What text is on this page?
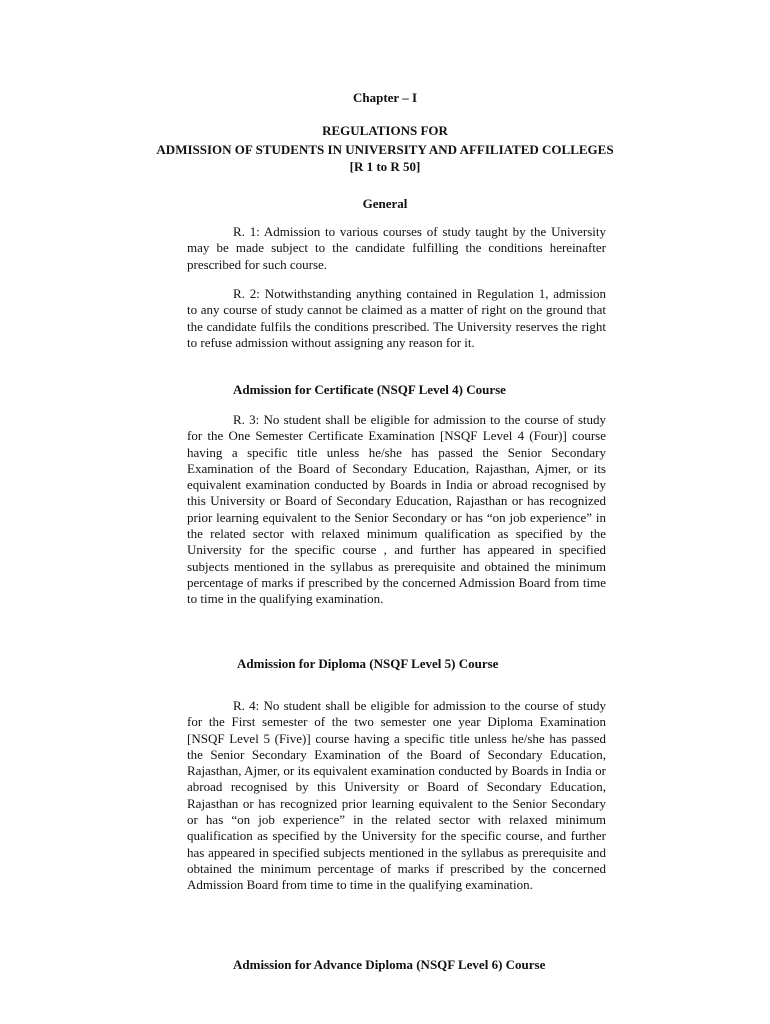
Chapter – I
REGULATIONS FOR
ADMISSION OF STUDENTS IN UNIVERSITY AND AFFILIATED COLLEGES
[R 1 to R 50]
General

R. 1: Admission to various courses of study taught by the University may be made subject to the candidate fulfilling the conditions hereinafter prescribed for such course.

R. 2: Notwithstanding anything contained in Regulation 1, admission to any course of study cannot be claimed as a matter of right on the ground that the candidate fulfils the conditions prescribed. The University reserves the right to refuse admission without assigning any reason for it.

Admission for Certificate (NSQF Level 4) Course

R. 3: No student shall be eligible for admission to the course of study for the One Semester Certificate Examination [NSQF Level 4 (Four)] course having a specific title unless he/she has passed the Senior Secondary Examination of the Board of Secondary Education, Rajasthan, Ajmer, or its equivalent examination conducted by Boards in India or abroad recognised by this University or Board of Secondary Education, Rajasthan or has recognized prior learning equivalent to the Senior Secondary or has “on job experience” in the related sector with relaxed minimum qualification as specified by the University for the specific course , and further has appeared in specified subjects mentioned in the syllabus as prerequisite and obtained the minimum percentage of marks if prescribed by the concerned Admission Board from time to time in the qualifying examination.

Admission for Diploma (NSQF Level 5) Course

R. 4: No student shall be eligible for admission to the course of study for the First semester of the two semester one year Diploma Examination [NSQF Level 5 (Five)] course having a specific title unless he/she has passed the Senior Secondary Examination of the Board of Secondary Education, Rajasthan, Ajmer, or its equivalent examination conducted by Boards in India or abroad recognised by this University or Board of Secondary Education, Rajasthan or has recognized prior learning equivalent to the Senior Secondary or has “on job experience” in the related sector with relaxed minimum qualification as specified by the University for the specific course, and further has appeared in specified subjects mentioned in the syllabus as prerequisite and obtained the minimum percentage of marks if prescribed by the concerned Admission Board from time to time in the qualifying examination.

Admission for Advance Diploma (NSQF Level 6) Course
